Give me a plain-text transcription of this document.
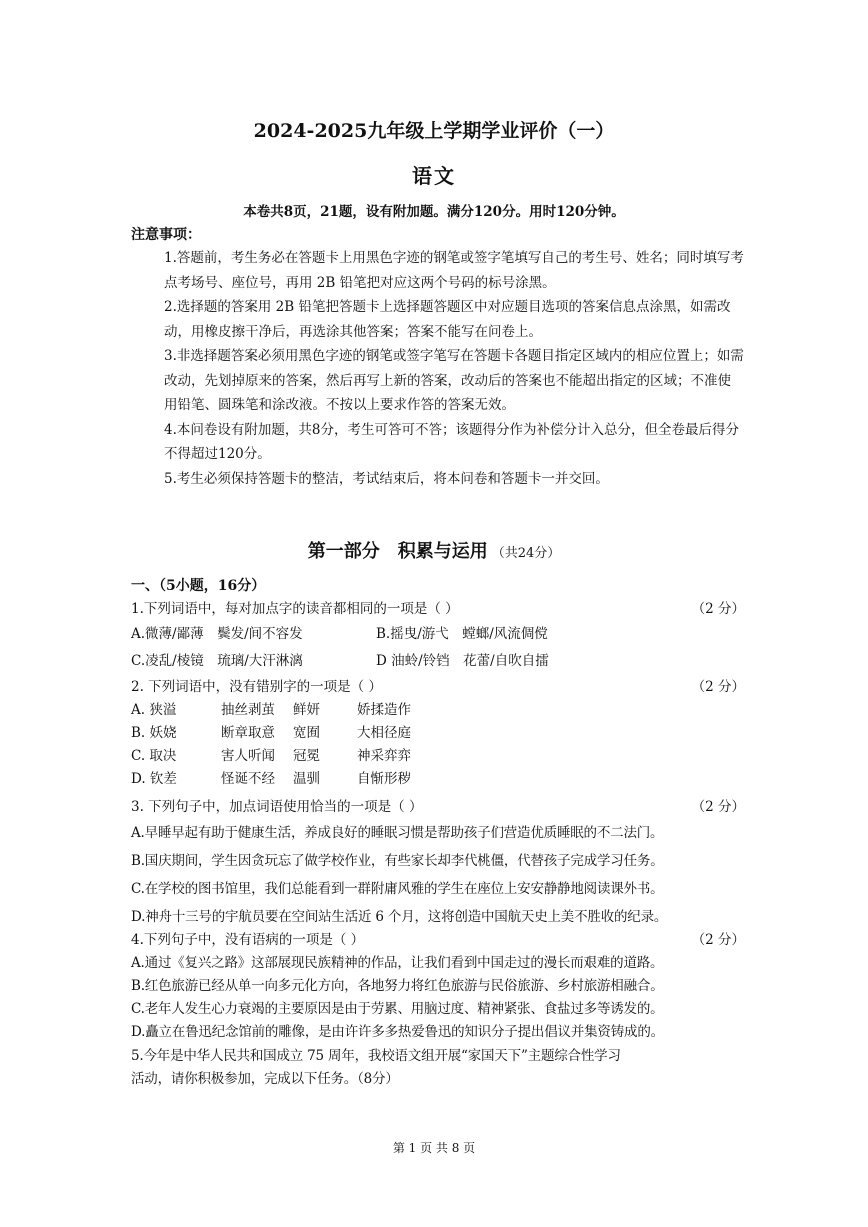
2024-2025九年级上学期学业评价（一）
语文
本卷共8页，21题，设有附加题。满分120分。用时120分钟。
注意事项：

1.答题前，考生务必在答题卡上用黑色字迹的钢笔或签字笔填写自己的考生号、姓名；同时填写考点考场号、座位号，再用 2B 铅笔把对应这两个号码的标号涂黑。

2.选择题的答案用 2B 铅笔把答题卡上选择题答题区中对应题目选项的答案信息点涂黑，如需改动，用橡皮擦干净后，再选涂其他答案；答案不能写在问卷上。

3.非选择题答案必须用黑色字迹的钢笔或签字笔写在答题卡各题目指定区域内的相应位置上；如需改动，先划掉原来的答案，然后再写上新的答案，改动后的答案也不能超出指定的区域；不准使用铅笔、圆珠笔和涂改液。不按以上要求作答的答案无效。

4.本问卷设有附加题，共8分，考生可答可不答；该题得分作为补偿分计入总分，但全卷最后得分不得超过120分。

5.考生必须保持答题卡的整洁，考试结束后，将本问卷和答题卡一并交回。

第一部分　积累与运用 （共24分）
一、（5小题，16分）
1.下列词语中，每对加点字的读音都相同的一项是（ ）	（2 分）
A.微薄/鄙薄　鬓发/间不容发	B.摇曳/游弋　螳螂/风流倜傥
C.凌乱/棱镜　琉璃/大汗淋漓	D 油蛉/铃铛　花蕾/自吹自擂
2. 下列词语中，没有错别字的一项是（ ）	（2 分）
A. 狭溢	抽丝剥茧	鲜妍	娇揉造作
B. 妖娆	断章取意	宽囿	大相径庭
C. 取决	害人听闻	冠冕	神采弈弈
D. 钦差	怪诞不经	温驯	自惭形秽
3. 下列句子中，加点词语使用恰当的一项是（ ）	（2 分）
A.早睡早起有助于健康生活，养成良好的睡眠习惯是帮助孩子们营造优质睡眠的不二法门。
B.国庆期间，学生因贪玩忘了做学校作业，有些家长却李代桃僵，代替孩子完成学习任务。
C.在学校的图书馆里，我们总能看到一群附庸风雅的学生在座位上安安静静地阅读课外书。
D.神舟十三号的宇航员要在空间站生活近 6 个月，这将创造中国航天史上美不胜收的纪录。
4.下列句子中，没有语病的一项是（ ）	（2 分）
A.通过《复兴之路》这部展现民族精神的作品，让我们看到中国走过的漫长而艰难的道路。
B.红色旅游已经从单一向多元化方向，各地努力将红色旅游与民俗旅游、乡村旅游相融合。
C.老年人发生心力衰竭的主要原因是由于劳累、用脑过度、精神紧张、食盐过多等诱发的。
D.矗立在鲁迅纪念馆前的雕像，是由许许多多热爱鲁迅的知识分子提出倡议并集资铸成的。
5.今年是中华人民共和国成立 75 周年，我校语文组开展“家国天下”主题综合性学习
活动，请你积极参加，完成以下任务。（8分）
第 1 页 共 8 页
